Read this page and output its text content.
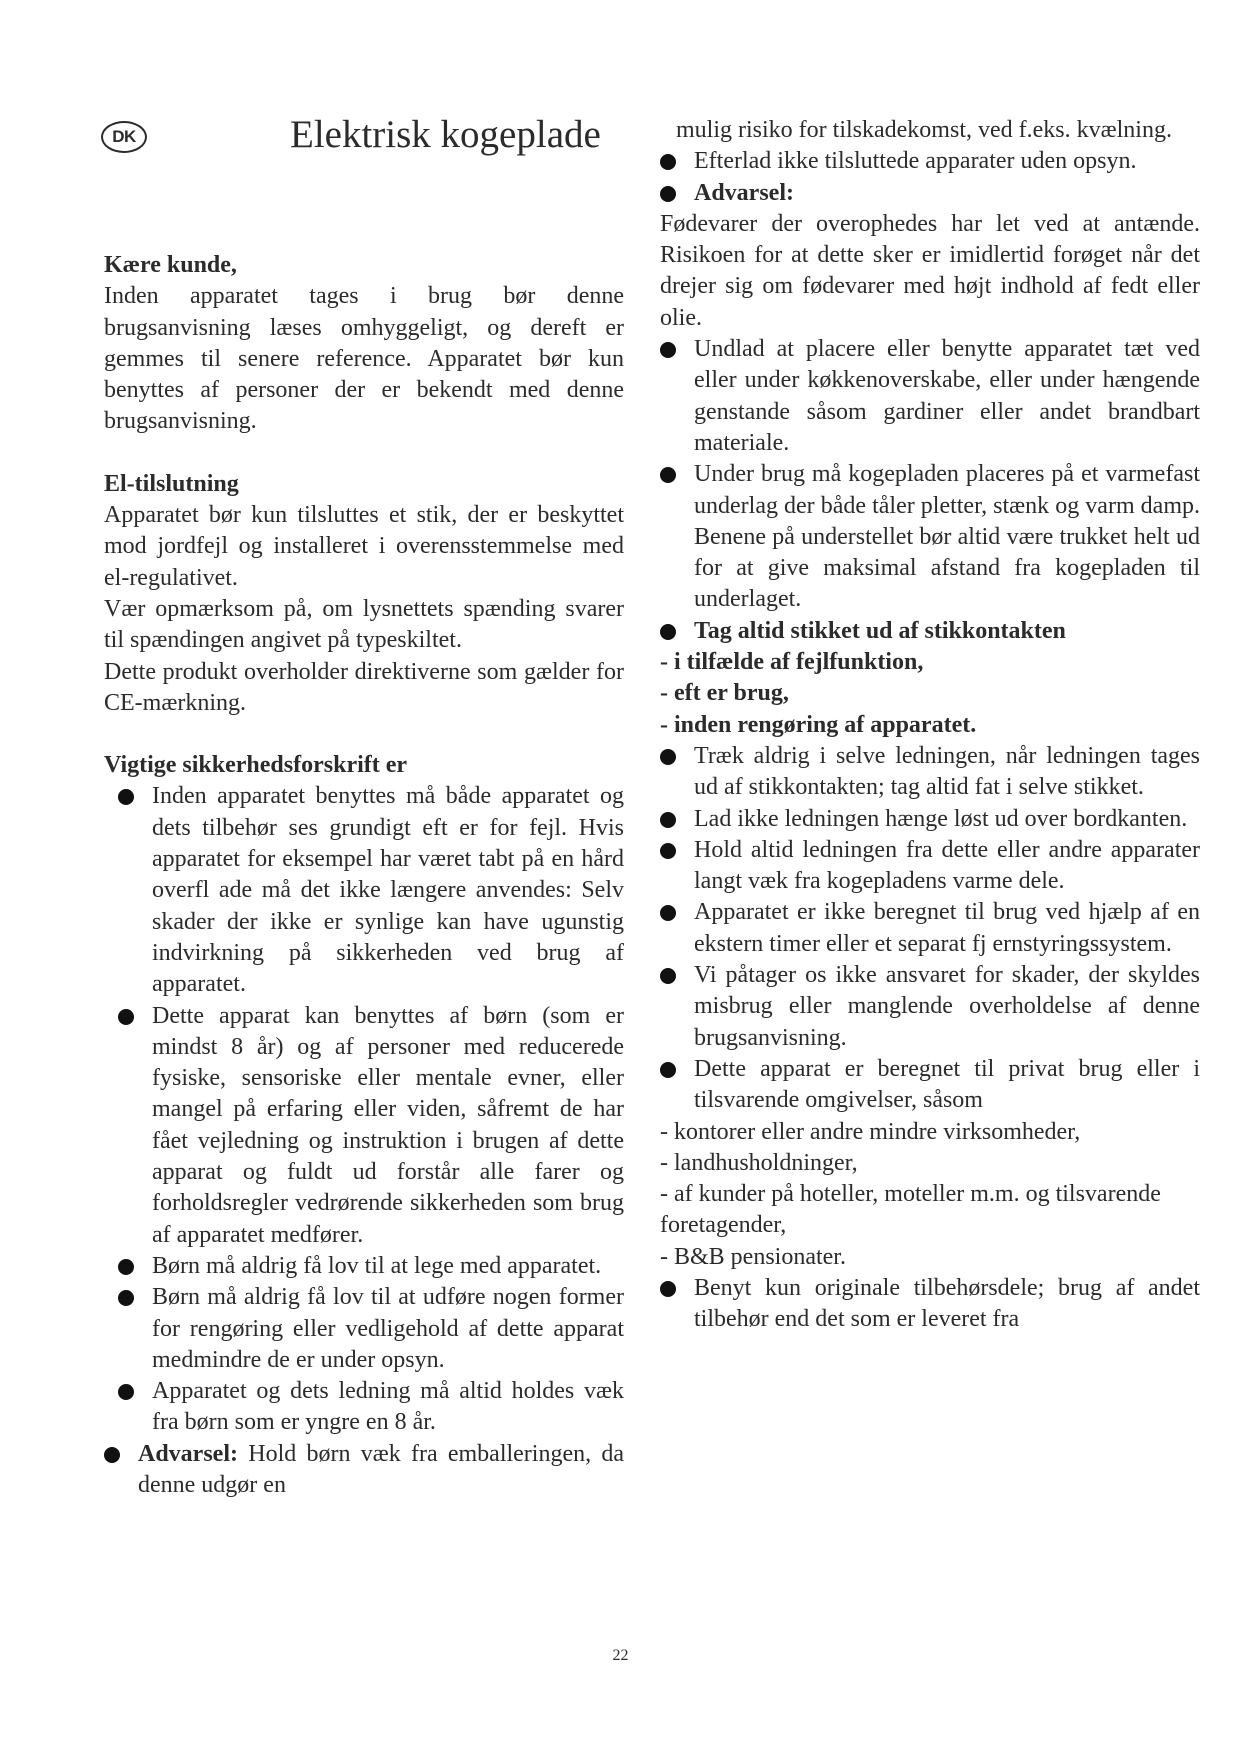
DK	Elektrisk kogeplade

Kære kunde,

Inden apparatet tages i brug bør denne brugsanvisning læses omhyggeligt, og dereft er gemmes til senere reference. Apparatet bør kun benyttes af personer der er bekendt med denne brugsanvisning.

El-tilslutning

Apparatet bør kun tilsluttes et stik, der er beskyttet mod jordfejl og installeret i overensstemmelse med el-regulativet.

Vær opmærksom på, om lysnettets spænding svarer til spændingen angivet på typeskiltet.

Dette produkt overholder direktiverne som gælder for CE-mærkning.

Vigtige sikkerhedsforskrift er

Inden apparatet benyttes må både apparatet og dets tilbehør ses grundigt eft er for fejl. Hvis apparatet for eksempel har været tabt på en hård overfl ade må det ikke længere anvendes: Selv skader der ikke er synlige kan have ugunstig indvirkning på sikkerheden ved brug af apparatet.

Dette apparat kan benyttes af børn (som er mindst 8 år) og af personer med reducerede fysiske, sensoriske eller mentale evner, eller mangel på erfaring eller viden, såfremt de har fået vejledning og instruktion i brugen af dette apparat og fuldt ud forstår alle farer og forholdsregler vedrørende sikkerheden som brug af apparatet medfører.

Børn må aldrig få lov til at lege med apparatet.

Børn må aldrig få lov til at udføre nogen former for rengøring eller vedligehold af dette apparat medmindre de er under opsyn.

Apparatet og dets ledning må altid holdes væk fra børn som er yngre en 8 år.

Advarsel: Hold børn væk fra emballeringen, da denne udgør en

mulig risiko for tilskadekomst, ved f.eks. kvælning.

Efterlad ikke tilsluttede apparater uden opsyn.

Advarsel:

Fødevarer der overophedes har let ved at antænde. Risikoen for at dette sker er imidlertid forøget når det drejer sig om fødevarer med højt indhold af fedt eller olie.

Undlad at placere eller benytte apparatet tæt ved eller under køkkenoverskabe, eller under hængende genstande såsom gardiner eller andet brandbart materiale.

Under brug må kogepladen placeres på et varmefast underlag der både tåler pletter, stænk og varm damp. Benene på understellet bør altid være trukket helt ud for at give maksimal afstand fra kogepladen til underlaget.

Tag altid stikket ud af stikkontakten

- i tilfælde af fejlfunktion,

- eft er brug,

- inden rengøring af apparatet.

Træk aldrig i selve ledningen, når ledningen tages ud af stikkontakten; tag altid fat i selve stikket.

Lad ikke ledningen hænge løst ud over bordkanten.

Hold altid ledningen fra dette eller andre apparater langt væk fra kogepladens varme dele.

Apparatet er ikke beregnet til brug ved hjælp af en ekstern timer eller et separat fj ernstyringssystem.

Vi påtager os ikke ansvaret for skader, der skyldes misbrug eller manglende overholdelse af denne brugsanvisning.

Dette apparat er beregnet til privat brug eller i tilsvarende omgivelser, såsom

- kontorer eller andre mindre virksomheder,

- landhusholdninger,

- af kunder på hoteller, moteller m.m. og tilsvarende foretagender,

- B&B pensionater.

Benyt kun originale tilbehørsdele; brug af andet tilbehør end det som er leveret fra

22
